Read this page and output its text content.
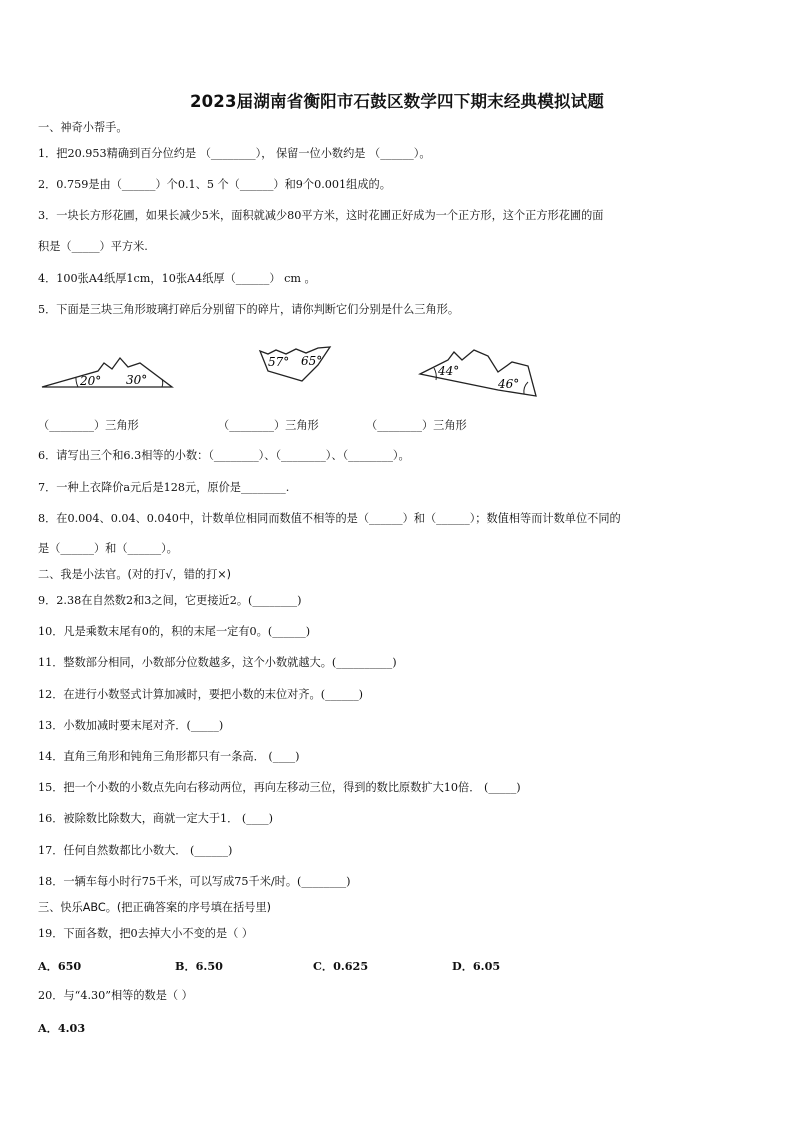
2023届湖南省衡阳市石鼓区数学四下期末经典模拟试题
一、神奇小帮手。
1．把20.953精确到百分位约是 （________）， 保留一位小数约是 （______）。
2．0.759是由（______）个0.1、5 个（______）和9个0.001组成的。
3．一块长方形花圃，如果长减少5米，面积就减少80平方米，这时花圃正好成为一个正方形，这个正方形花圃的面
积是（_____）平方米.
4．100张A4纸厚1cm，10张A4纸厚（______） cm 。
5．下面是三块三角形玻璃打碎后分别留下的碎片，请你判断它们分别是什么三角形。
20° 30°
57° 65°
44°
46°
（________）三角形	（________）三角形	（________）三角形
6．请写出三个和6.3相等的小数：（________）、（________）、（________）。
7．一种上衣降价a元后是128元，原价是________.
8．在0.004、0.04、0.040中，计数单位相同而数值不相等的是（______）和（______）；数值相等而计数单位不同的
是（______）和（______）。
二、我是小法官。(对的打√，错的打×)
9．2.38在自然数2和3之间，它更接近2。(________)
10．凡是乘数末尾有0的，积的末尾一定有0。(______)
11．整数部分相同，小数部分位数越多，这个小数就越大。(__________)
12．在进行小数竖式计算加减时，要把小数的末位对齐。(______)
13．小数加减时要末尾对齐．(_____)
14．直角三角形和钝角三角形都只有一条高． (____)
15．把一个小数的小数点先向右移动两位，再向左移动三位，得到的数比原数扩大10倍． (_____)
16．被除数比除数大，商就一定大于1． (____)
17．任何自然数都比小数大． (______)
18．一辆车每小时行75千米，可以写成75千米/时。(________)
三、快乐ABC。(把正确答案的序号填在括号里)
19．下面各数，把0去掉大小不变的是（ ）
A．650	B．6.50	C．0.625	D．6.05
20．与“4.30”相等的数是（ ）
A．4.03
